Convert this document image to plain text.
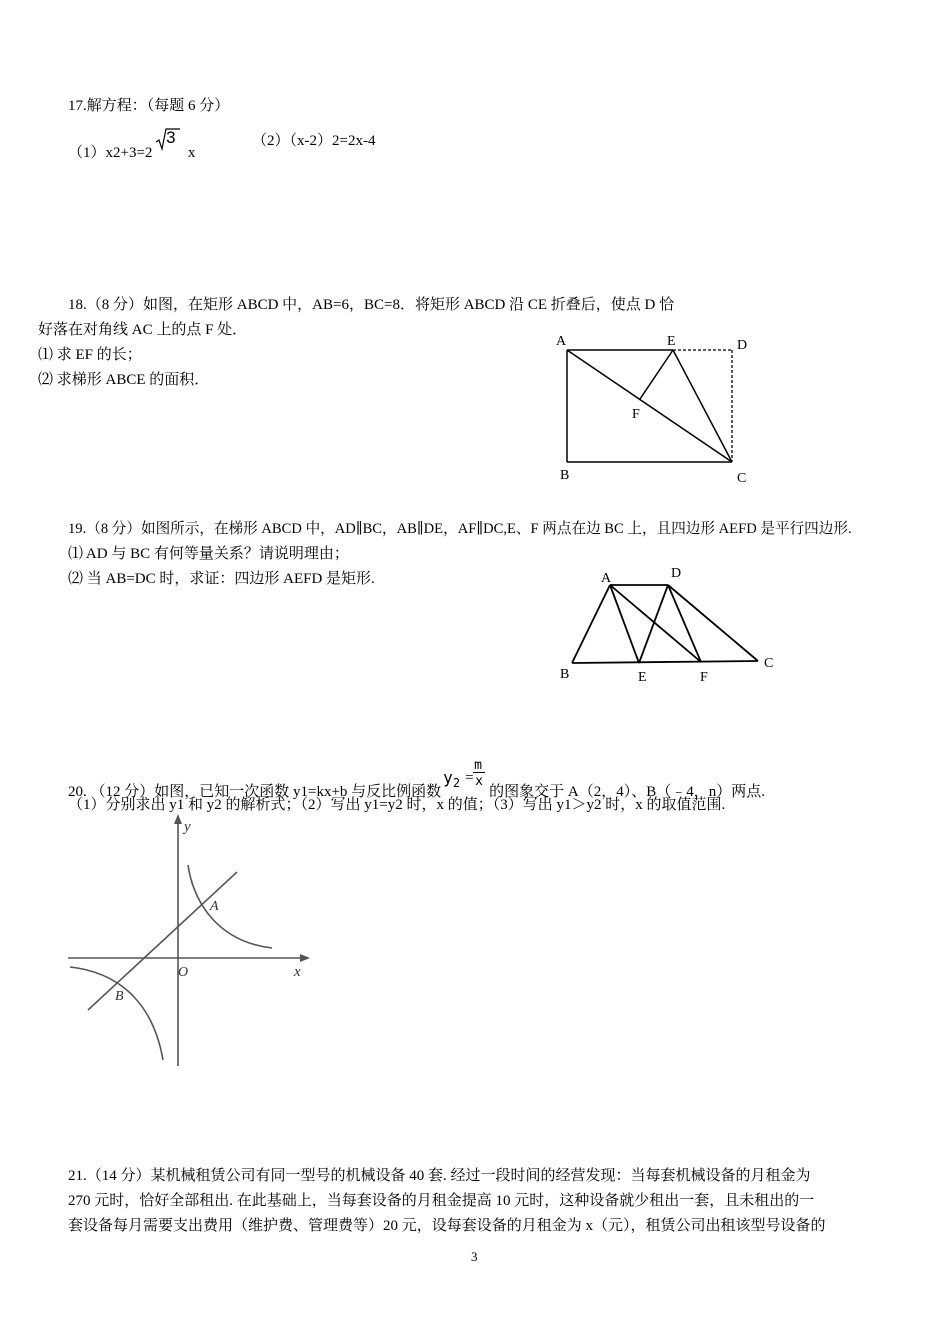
17.解方程：（每题 6 分）
（1）x2+3=2
3
x
（2）（x-2）2=2x-4
18.（8 分）如图，在矩形 ABCD 中，AB=6，BC=8．将矩形 ABCD 沿 CE 折叠后，使点 D 恰
好落在对角线 AC 上的点 F 处．
⑴ 求 EF 的长；
⑵ 求梯形 ABCE 的面积．
A	E	D
F
B	C
19.（8 分）如图所示，在梯形 ABCD 中，AD∥BC，AB∥DE，AF∥DC,E、F 两点在边 BC 上，且四边形 AEFD 是平行四边形.
⑴ AD 与 BC 有何等量关系？请说明理由；
⑵ 当 AB=DC 时，求证：四边形 AEFD 是矩形.	A	D
B	E	F
C
20. （12 分）如图，已知一次函数 y1=kx+b 与反比例函数
$y_2$ =
m
x
的图象交于 A（2，4）、B（﹣4，n）两点.
（1）分别求出 y1 和 y2 的解析式；（2）写出 y1=y2 时，x 的值；（3）写出 y1＞y2 时，x 的取值范围.
y
x
O
A
B
21.（14 分）某机械租赁公司有同一型号的机械设备 40 套. 经过一段时间的经营发现：当每套机械设备的月租金为
270 元时，恰好全部租出. 在此基础上，当每套设备的月租金提高 10 元时，这种设备就少租出一套，且未租出的一
套设备每月需要支出费用（维护费、管理费等）20 元，设每套设备的月租金为 x（元），租赁公司出租该型号设备的
3
